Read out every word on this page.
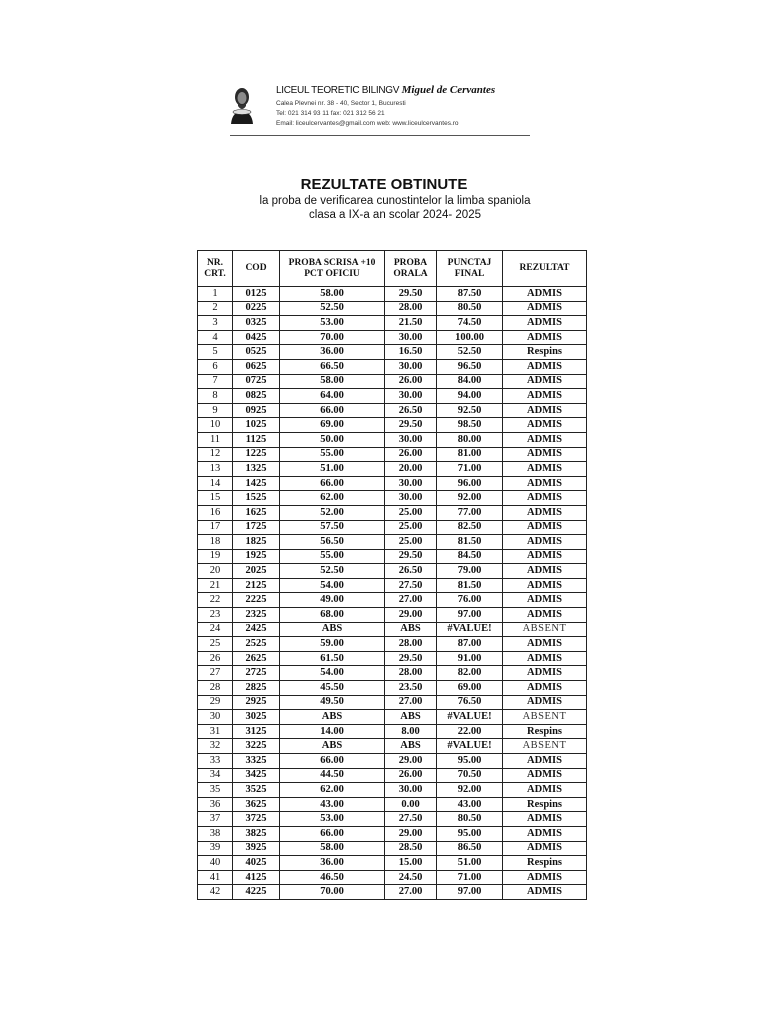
LICEUL TEORETIC BILINGV Miguel de Cervantes
Calea Plevnei nr. 38 - 40, Sector 1, Bucuresti
Tel: 021 314 93 11 fax: 021 312 56 21
Email: liceulcervantes@gmail.com web: www.liceulcervantes.ro
REZULTATE OBTINUTE
la proba de verificarea cunostintelor la limba spaniola
clasa a IX-a an scolar 2024- 2025
NR. CRT.	COD	PROBA SCRISA +10 PCT OFICIU	PROBA ORALA	PUNCTAJ FINAL	REZULTAT
1	0125	58.00	29.50	87.50	ADMIS
2	0225	52.50	28.00	80.50	ADMIS
3	0325	53.00	21.50	74.50	ADMIS
4	0425	70.00	30.00	100.00	ADMIS
5	0525	36.00	16.50	52.50	Respins
6	0625	66.50	30.00	96.50	ADMIS
7	0725	58.00	26.00	84.00	ADMIS
8	0825	64.00	30.00	94.00	ADMIS
9	0925	66.00	26.50	92.50	ADMIS
10	1025	69.00	29.50	98.50	ADMIS
11	1125	50.00	30.00	80.00	ADMIS
12	1225	55.00	26.00	81.00	ADMIS
13	1325	51.00	20.00	71.00	ADMIS
14	1425	66.00	30.00	96.00	ADMIS
15	1525	62.00	30.00	92.00	ADMIS
16	1625	52.00	25.00	77.00	ADMIS
17	1725	57.50	25.00	82.50	ADMIS
18	1825	56.50	25.00	81.50	ADMIS
19	1925	55.00	29.50	84.50	ADMIS
20	2025	52.50	26.50	79.00	ADMIS
21	2125	54.00	27.50	81.50	ADMIS
22	2225	49.00	27.00	76.00	ADMIS
23	2325	68.00	29.00	97.00	ADMIS
24	2425	ABS	ABS	#VALUE!	ABSENT
25	2525	59.00	28.00	87.00	ADMIS
26	2625	61.50	29.50	91.00	ADMIS
27	2725	54.00	28.00	82.00	ADMIS
28	2825	45.50	23.50	69.00	ADMIS
29	2925	49.50	27.00	76.50	ADMIS
30	3025	ABS	ABS	#VALUE!	ABSENT
31	3125	14.00	8.00	22.00	Respins
32	3225	ABS	ABS	#VALUE!	ABSENT
33	3325	66.00	29.00	95.00	ADMIS
34	3425	44.50	26.00	70.50	ADMIS
35	3525	62.00	30.00	92.00	ADMIS
36	3625	43.00	0.00	43.00	Respins
37	3725	53.00	27.50	80.50	ADMIS
38	3825	66.00	29.00	95.00	ADMIS
39	3925	58.00	28.50	86.50	ADMIS
40	4025	36.00	15.00	51.00	Respins
41	4125	46.50	24.50	71.00	ADMIS
42	4225	70.00	27.00	97.00	ADMIS
